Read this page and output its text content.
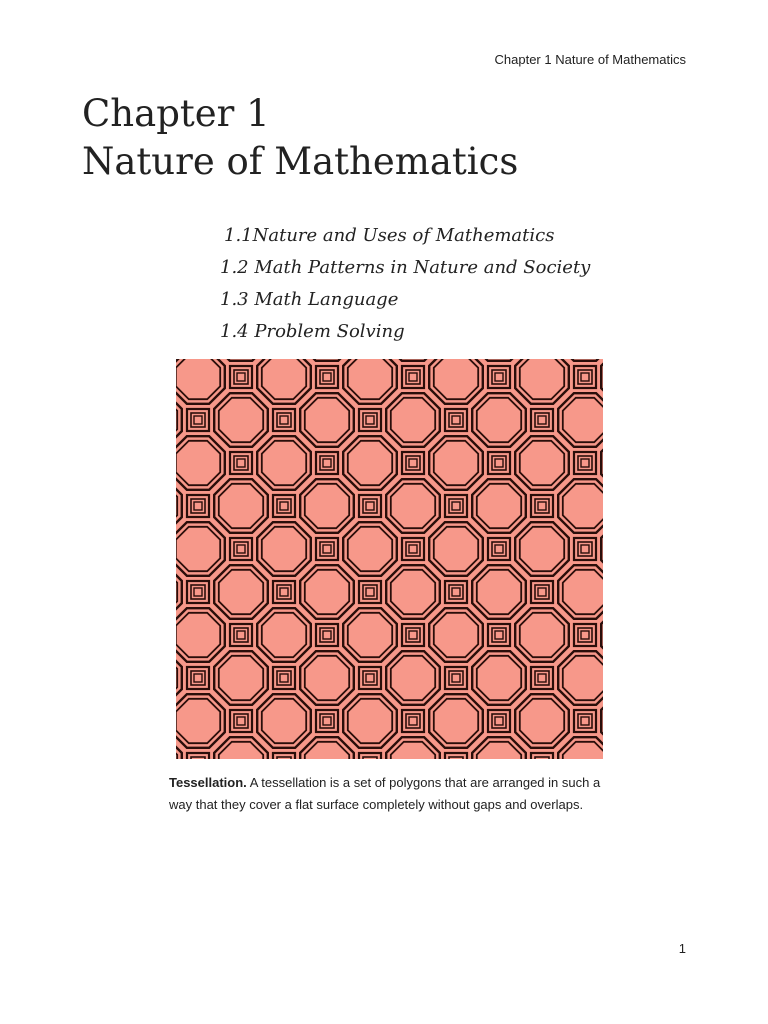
Chapter 1 Nature of Mathematics
Chapter 1
Nature of Mathematics
1.1Nature and Uses of Mathematics
1.2 Math Patterns in Nature and Society
1.3 Math Language
1.4 Problem Solving

Tessellation. A tessellation is a set of polygons that are arranged in such a way that they cover a flat surface completely without gaps and overlaps.

1
